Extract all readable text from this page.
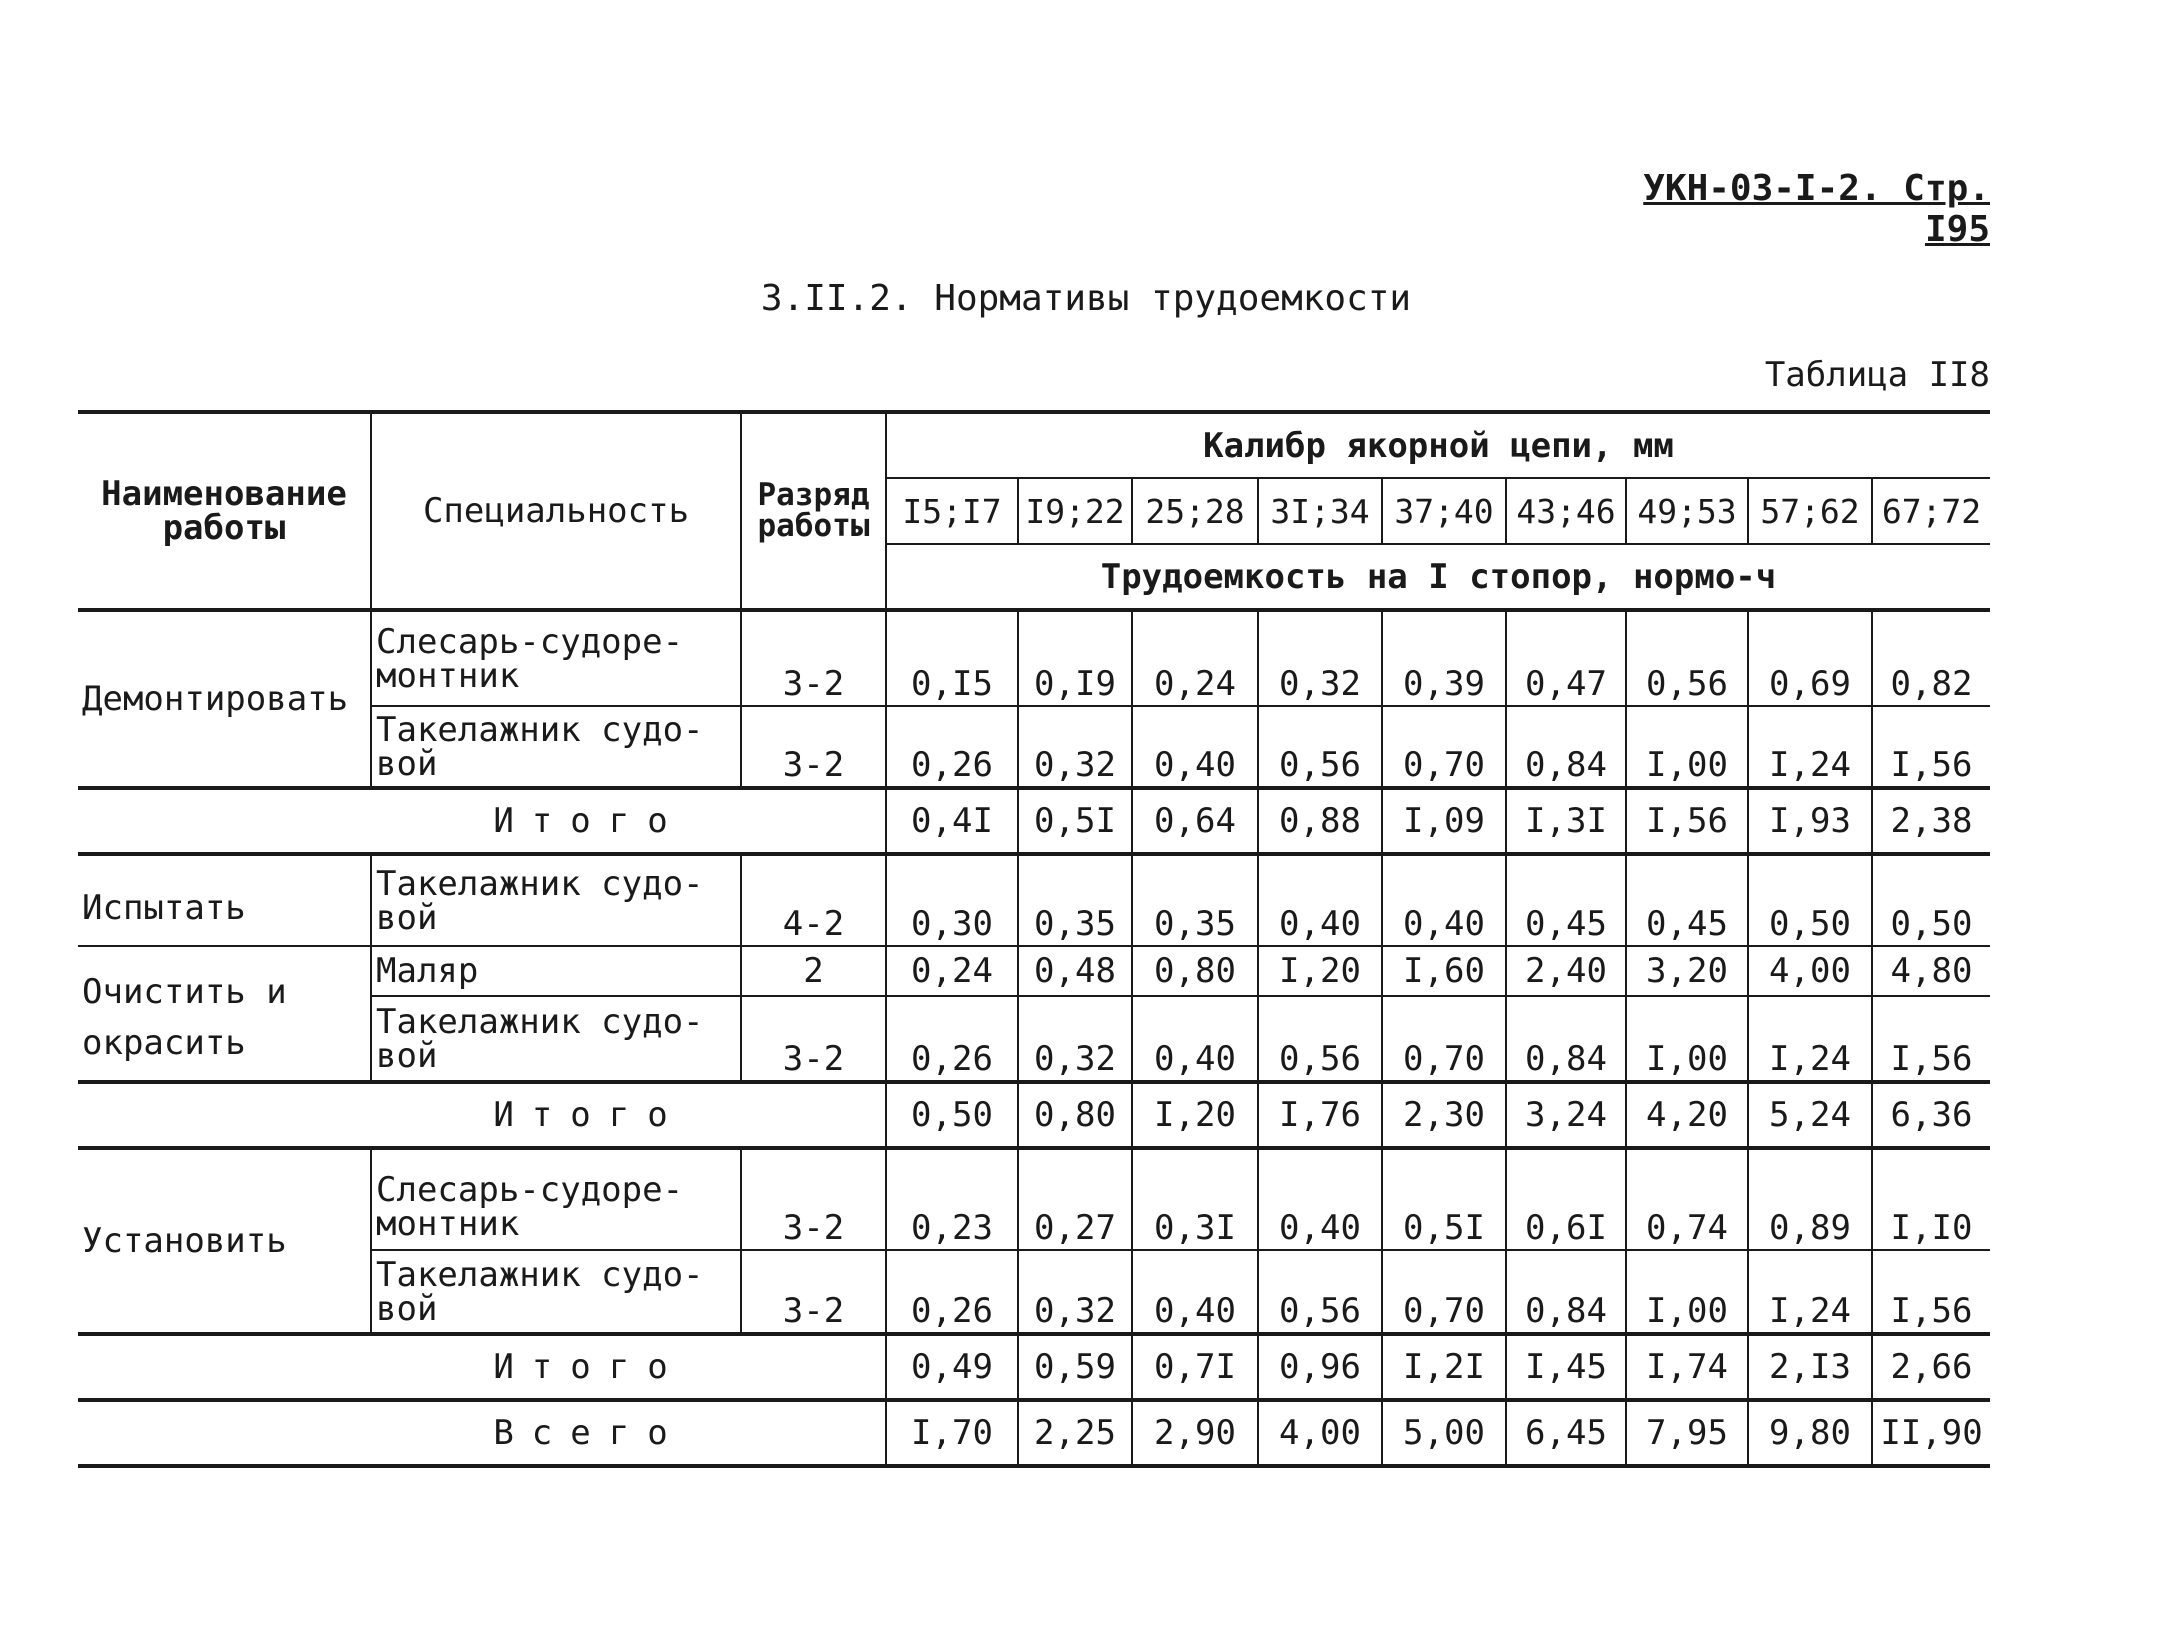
УКН-03-I-2. Стр. I95
3.II.2. Нормативы трудоемкости
Таблица II8
Наименование работы	Специальность	Разряд работы	Калибр якорной цепи, мм								
			I5;I7	I9;22	25;28	3I;34	37;40	43;46	49;53	57;62	67;72
			Трудоемкость на I стопор, нормо-ч								
Демонтировать	Слесарь-судоре- монтник	3-2	0,I5	0,I9	0,24	0,32	0,39	0,47	0,56	0,69	0,82
	Такелажник судо- вой	3-2	0,26	0,32	0,40	0,56	0,70	0,84	I,00	I,24	I,56
Итого			0,4I	0,5I	0,64	0,88	I,09	I,3I	I,56	I,93	2,38
Испытать	Такелажник судо- вой	4-2	0,30	0,35	0,35	0,40	0,40	0,45	0,45	0,50	0,50
Очистить и окрасить	Маляр	2	0,24	0,48	0,80	I,20	I,60	2,40	3,20	4,00	4,80
	Такелажник судо- вой	3-2	0,26	0,32	0,40	0,56	0,70	0,84	I,00	I,24	I,56
Итого			0,50	0,80	I,20	I,76	2,30	3,24	4,20	5,24	6,36
Установить	Слесарь-судоре- монтник	3-2	0,23	0,27	0,3I	0,40	0,5I	0,6I	0,74	0,89	I,I0
	Такелажник судо- вой	3-2	0,26	0,32	0,40	0,56	0,70	0,84	I,00	I,24	I,56
Итого			0,49	0,59	0,7I	0,96	I,2I	I,45	I,74	2,I3	2,66
Всего			I,70	2,25	2,90	4,00	5,00	6,45	7,95	9,80	II,90
